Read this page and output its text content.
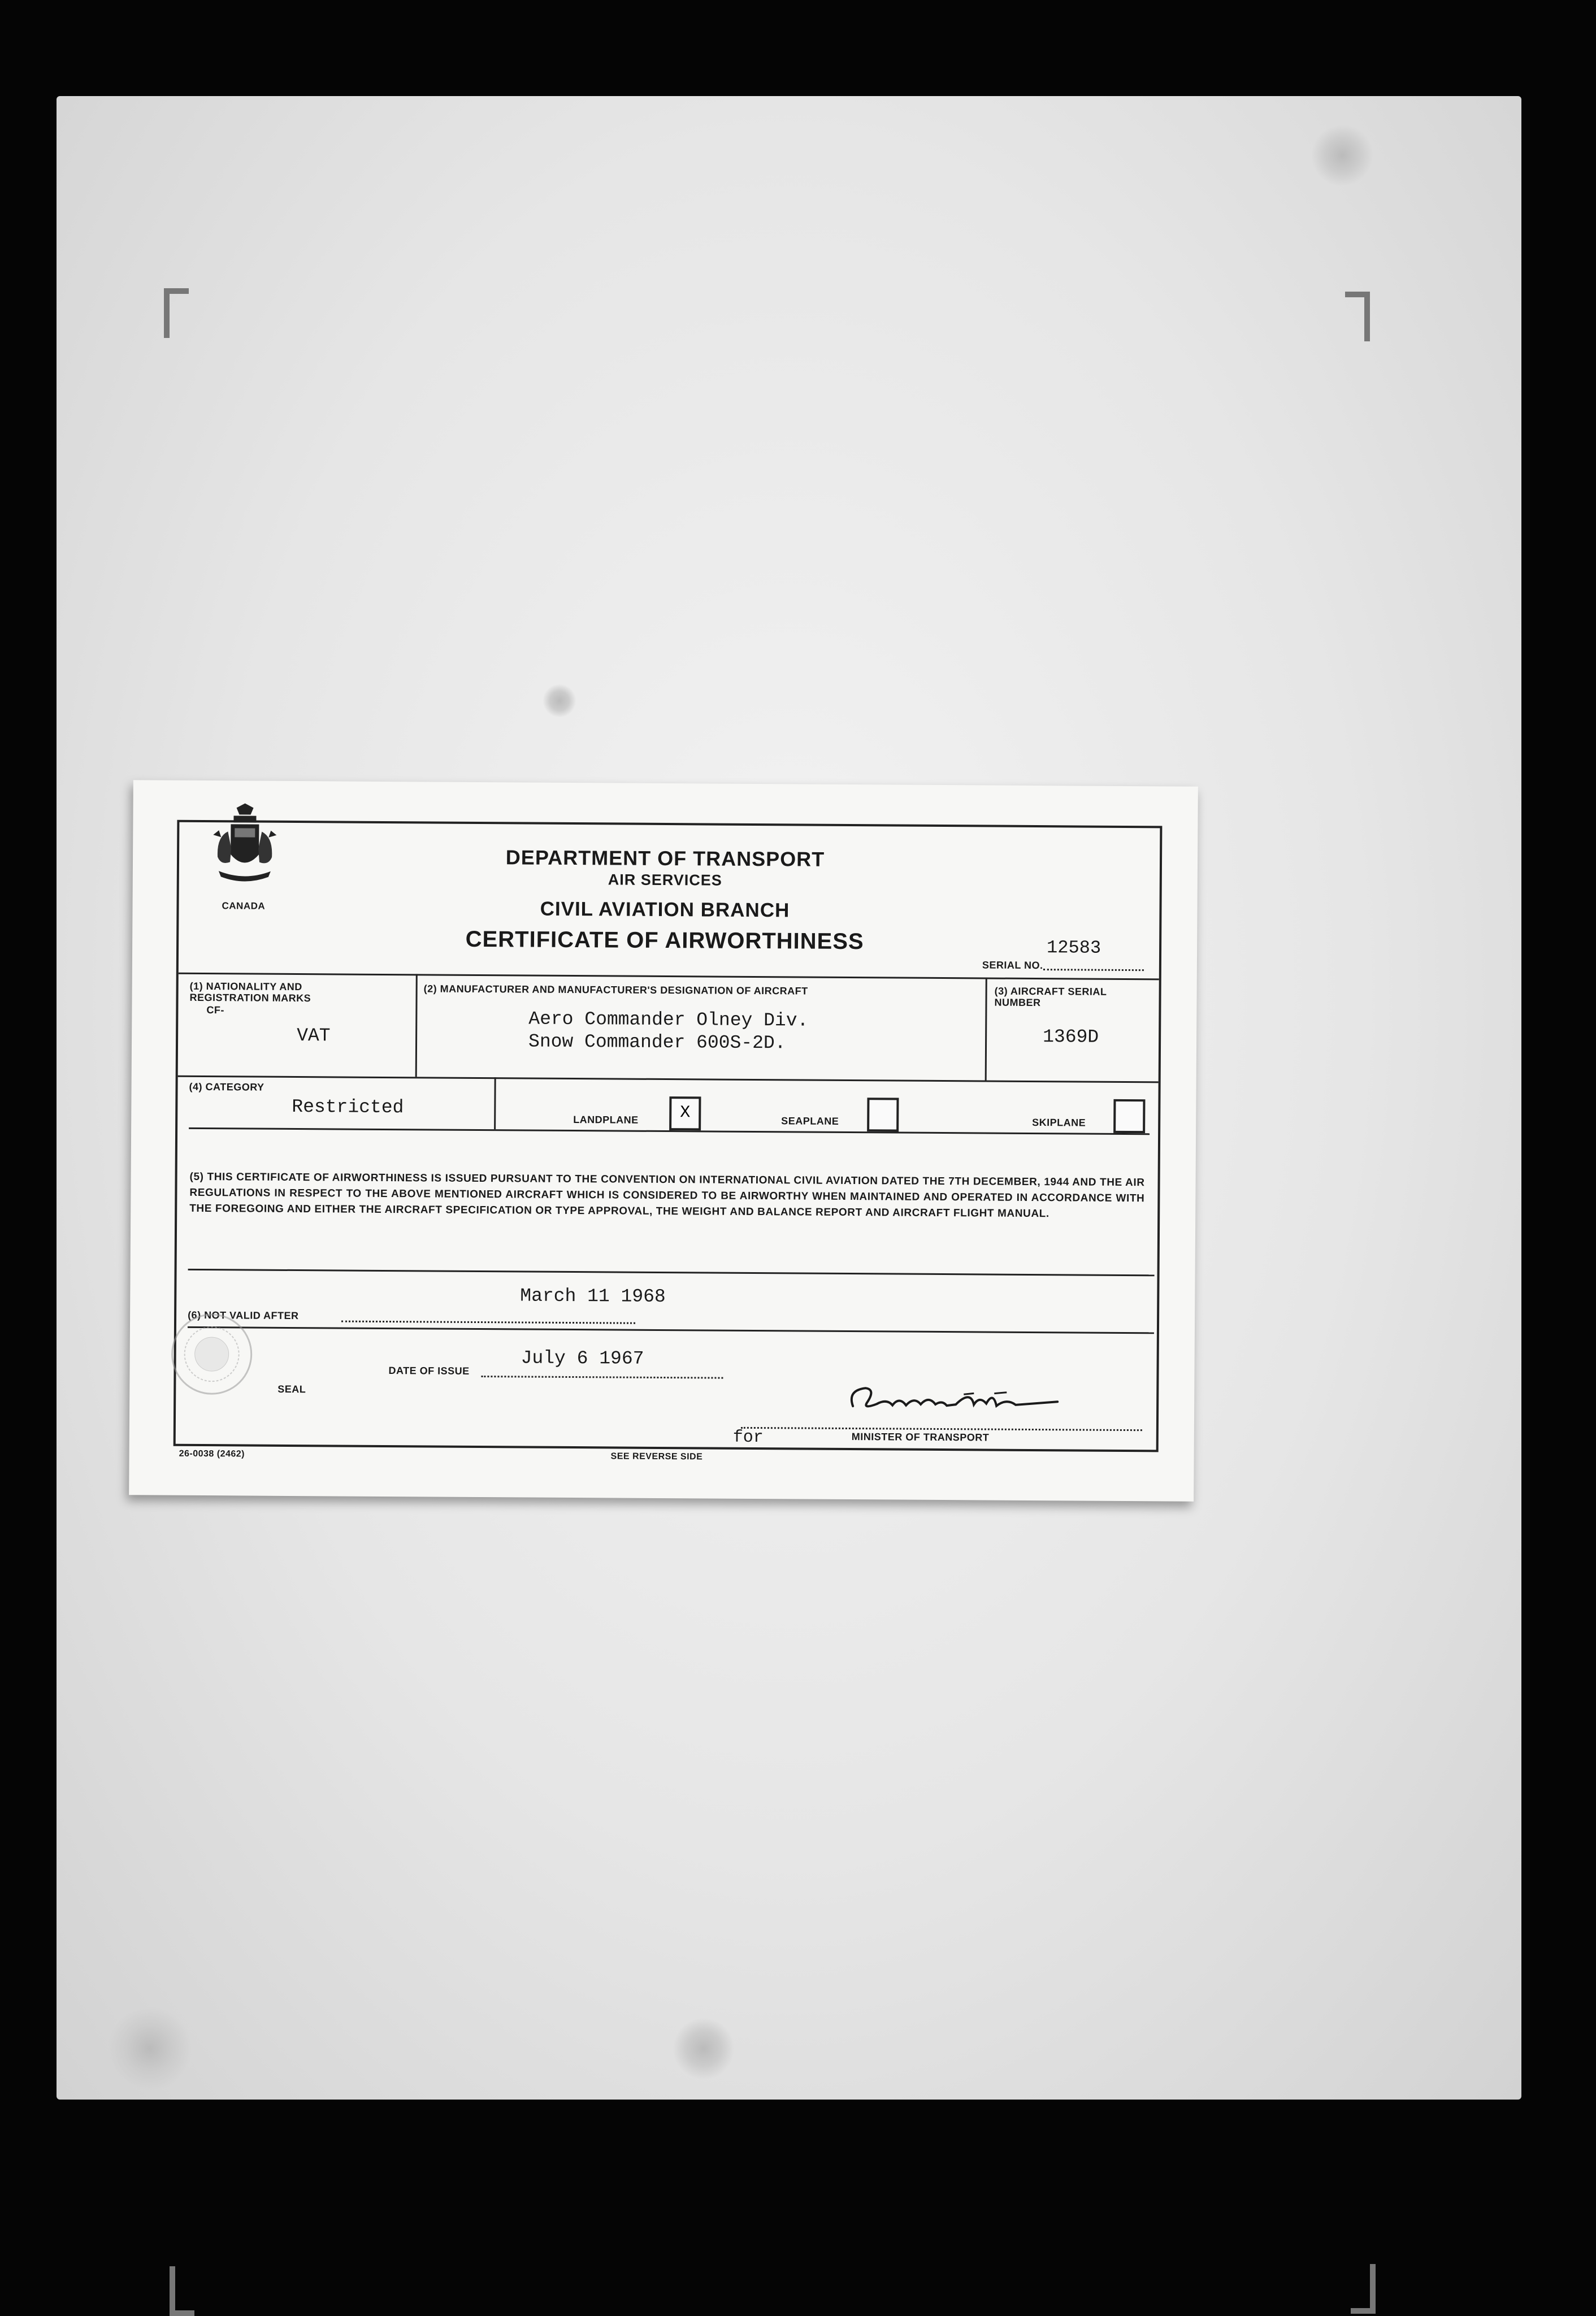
CANADA
DEPARTMENT OF TRANSPORT
AIR SERVICES
CIVIL AVIATION BRANCH
CERTIFICATE OF AIRWORTHINESS
SERIAL NO.
12583
(1) NATIONALITY AND REGISTRATION MARKS
CF-
VAT
(2) MANUFACTURER AND MANUFACTURER'S DESIGNATION OF AIRCRAFT
Aero Commander Olney Div.
Snow Commander 600S-2D.
(3) AIRCRAFT SERIAL NUMBER
1369D
(4) CATEGORY
Restricted
LANDPLANE	X	SEAPLANE	SKIPLANE
(5) THIS CERTIFICATE OF AIRWORTHINESS IS ISSUED PURSUANT TO THE CONVENTION ON INTERNATIONAL CIVIL AVIATION DATED THE 7TH DECEMBER, 1944 AND THE AIR REGULATIONS IN RESPECT TO THE ABOVE MENTIONED AIRCRAFT WHICH IS CONSIDERED TO BE AIRWORTHY WHEN MAINTAINED AND OPERATED IN ACCORDANCE WITH THE FOREGOING AND EITHER THE AIRCRAFT SPECIFICATION OR TYPE APPROVAL, THE WEIGHT AND BALANCE REPORT AND AIRCRAFT FLIGHT MANUAL.
(6) NOT VALID AFTER
March 11 1968
DATE OF ISSUE
July 6 1967
SEAL
for	MINISTER OF TRANSPORT
26-0038 (2462)	SEE REVERSE SIDE
